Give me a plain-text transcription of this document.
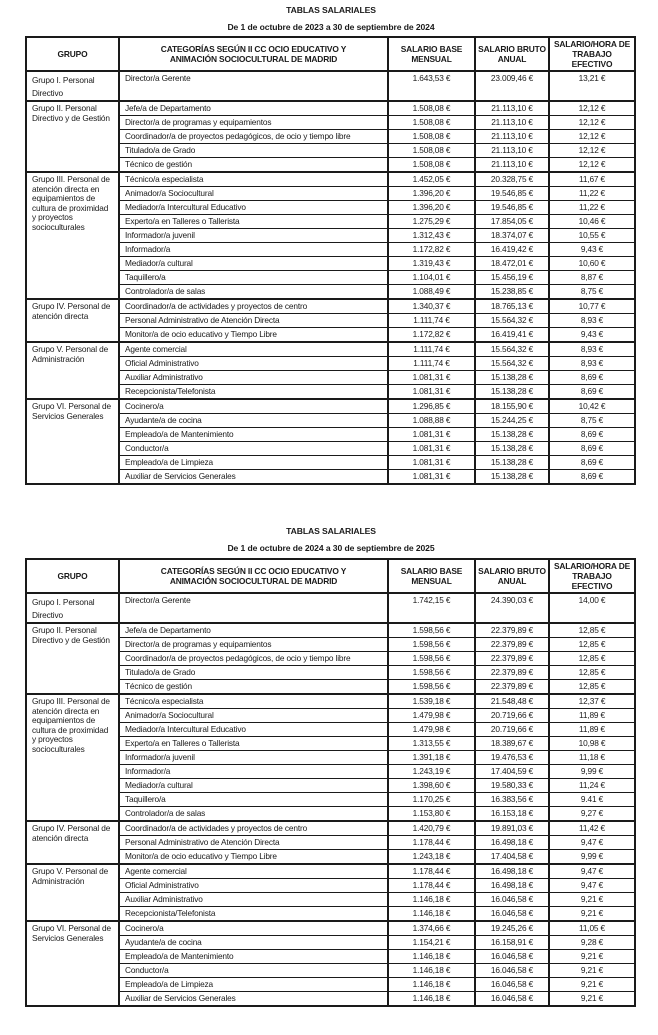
TABLAS SALARIALES
De 1 de octubre de 2023 a 30 de septiembre de 2024
GRUPO	CATEGORÍAS SEGÚN II CC OCIO EDUCATIVO Y ANIMACIÓN SOCIOCULTURAL DE MADRID	SALARIO BASE MENSUAL	SALARIO BRUTO ANUAL	SALARIO/HORA DE TRABAJO EFECTIVO
Grupo I. Personal Directivo	Director/a Gerente	1.643,53 €	23.009,46 €	13,21 €
Grupo II. Personal Directivo y de Gestión	Jefe/a de Departamento	1.508,08 €	21.113,10 €	12,12 €
	Director/a de programas y equipamientos	1.508,08 €	21.113,10 €	12,12 €
	Coordinador/a de proyectos pedagógicos, de ocio y tiempo libre	1.508,08 €	21.113,10 €	12,12 €
	Titulado/a de Grado	1.508,08 €	21.113,10 €	12,12 €
	Técnico de gestión	1.508,08 €	21.113,10 €	12,12 €
Grupo III. Personal de atención directa en equipamientos de cultura de proximidad y proyectos socioculturales	Técnico/a especialista	1.452,05 €	20.328,75 €	11,67 €
	Animador/a Sociocultural	1.396,20 €	19.546,85 €	11,22 €
	Mediador/a Intercultural Educativo	1.396,20 €	19.546,85 €	11,22 €
	Experto/a en Talleres o Tallerista	1.275,29 €	17.854,05 €	10,46 €
	Informador/a juvenil	1.312,43 €	18.374,07 €	10,55 €
	Informador/a	1.172,82 €	16.419,42 €	9,43 €
	Mediador/a cultural	1.319,43 €	18.472,01 €	10,60 €
	Taquillero/a	1.104,01 €	15.456,19 €	8,87 €
	Controlador/a de salas	1.088,49 €	15.238,85 €	8,75 €
Grupo IV. Personal de atención directa	Coordinador/a de actividades y proyectos de centro	1.340,37 €	18.765,13 €	10,77 €
	Personal Administrativo de Atención Directa	1.111,74 €	15.564,32 €	8,93 €
	Monitor/a de ocio educativo y Tiempo Libre	1.172,82 €	16.419,41 €	9,43 €
Grupo V. Personal de Administración	Agente comercial	1.111,74 €	15.564,32 €	8,93 €
	Oficial Administrativo	1.111,74 €	15.564,32 €	8,93 €
	Auxiliar Administrativo	1.081,31 €	15.138,28 €	8,69 €
	Recepcionista/Telefonista	1.081,31 €	15.138,28 €	8,69 €
Grupo VI. Personal de Servicios Generales	Cocinero/a	1.296,85 €	18.155,90 €	10,42 €
	Ayudante/a de cocina	1.088,88 €	15.244,25 €	8,75 €
	Empleado/a de Mantenimiento	1.081,31 €	15.138,28 €	8,69 €
	Conductor/a	1.081,31 €	15.138,28 €	8,69 €
	Empleado/a de Limpieza	1.081,31 €	15.138,28 €	8,69 €
	Auxiliar de Servicios Generales	1.081,31 €	15.138,28 €	8,69 €
TABLAS SALARIALES
De 1 de octubre de 2024 a 30 de septiembre de 2025
GRUPO	CATEGORÍAS SEGÚN II CC OCIO EDUCATIVO Y ANIMACIÓN SOCIOCULTURAL DE MADRID	SALARIO BASE MENSUAL	SALARIO BRUTO ANUAL	SALARIO/HORA DE TRABAJO EFECTIVO
Grupo I. Personal Directivo	Director/a Gerente	1.742,15 €	24.390,03 €	14,00 €
Grupo II. Personal Directivo y de Gestión	Jefe/a de Departamento	1.598,56 €	22.379,89 €	12,85 €
	Director/a de programas y equipamientos	1.598,56 €	22.379,89 €	12,85 €
	Coordinador/a de proyectos pedagógicos, de ocio y tiempo libre	1.598,56 €	22.379,89 €	12,85 €
	Titulado/a de Grado	1.598,56 €	22.379,89 €	12,85 €
	Técnico de gestión	1.598,56 €	22.379,89 €	12,85 €
Grupo III. Personal de atención directa en equipamientos de cultura de proximidad y proyectos socioculturales	Técnico/a especialista	1.539,18 €	21.548,48 €	12,37 €
	Animador/a Sociocultural	1.479,98 €	20.719,66 €	11,89 €
	Mediador/a Intercultural Educativo	1.479,98 €	20.719,66 €	11,89 €
	Experto/a en Talleres o Tallerista	1.313,55 €	18.389,67 €	10,98 €
	Informador/a juvenil	1.391,18 €	19.476,53 €	11,18 €
	Informador/a	1.243,19 €	17.404,59 €	9,99 €
	Mediador/a cultural	1.398,60 €	19.580,33 €	11,24 €
	Taquillero/a	1.170,25 €	16.383,56 €	9.41 €
	Controlador/a de salas	1.153,80 €	16.153,18 €	9,27 €
Grupo IV. Personal de atención directa	Coordinador/a de actividades y proyectos de centro	1.420,79 €	19.891,03 €	11,42 €
	Personal Administrativo de Atención Directa	1.178,44 €	16.498,18 €	9,47 €
	Monitor/a de ocio educativo y Tiempo Libre	1.243,18 €	17.404,58 €	9,99 €
Grupo V. Personal de Administración	Agente comercial	1.178,44 €	16.498,18 €	9,47 €
	Oficial Administrativo	1.178,44 €	16.498,18 €	9,47 €
	Auxiliar Administrativo	1.146,18 €	16.046,58 €	9,21 €
	Recepcionista/Telefonista	1.146,18 €	16.046,58 €	9,21 €
Grupo VI. Personal de Servicios Generales	Cocinero/a	1.374,66 €	19.245,26 €	11,05 €
	Ayudante/a de cocina	1.154,21 €	16.158,91 €	9,28 €
	Empleado/a de Mantenimiento	1.146,18 €	16.046,58 €	9,21 €
	Conductor/a	1.146,18 €	16.046,58 €	9,21 €
	Empleado/a de Limpieza	1.146,18 €	16.046,58 €	9,21 €
	Auxiliar de Servicios Generales	1.146,18 €	16.046,58 €	9,21 €
